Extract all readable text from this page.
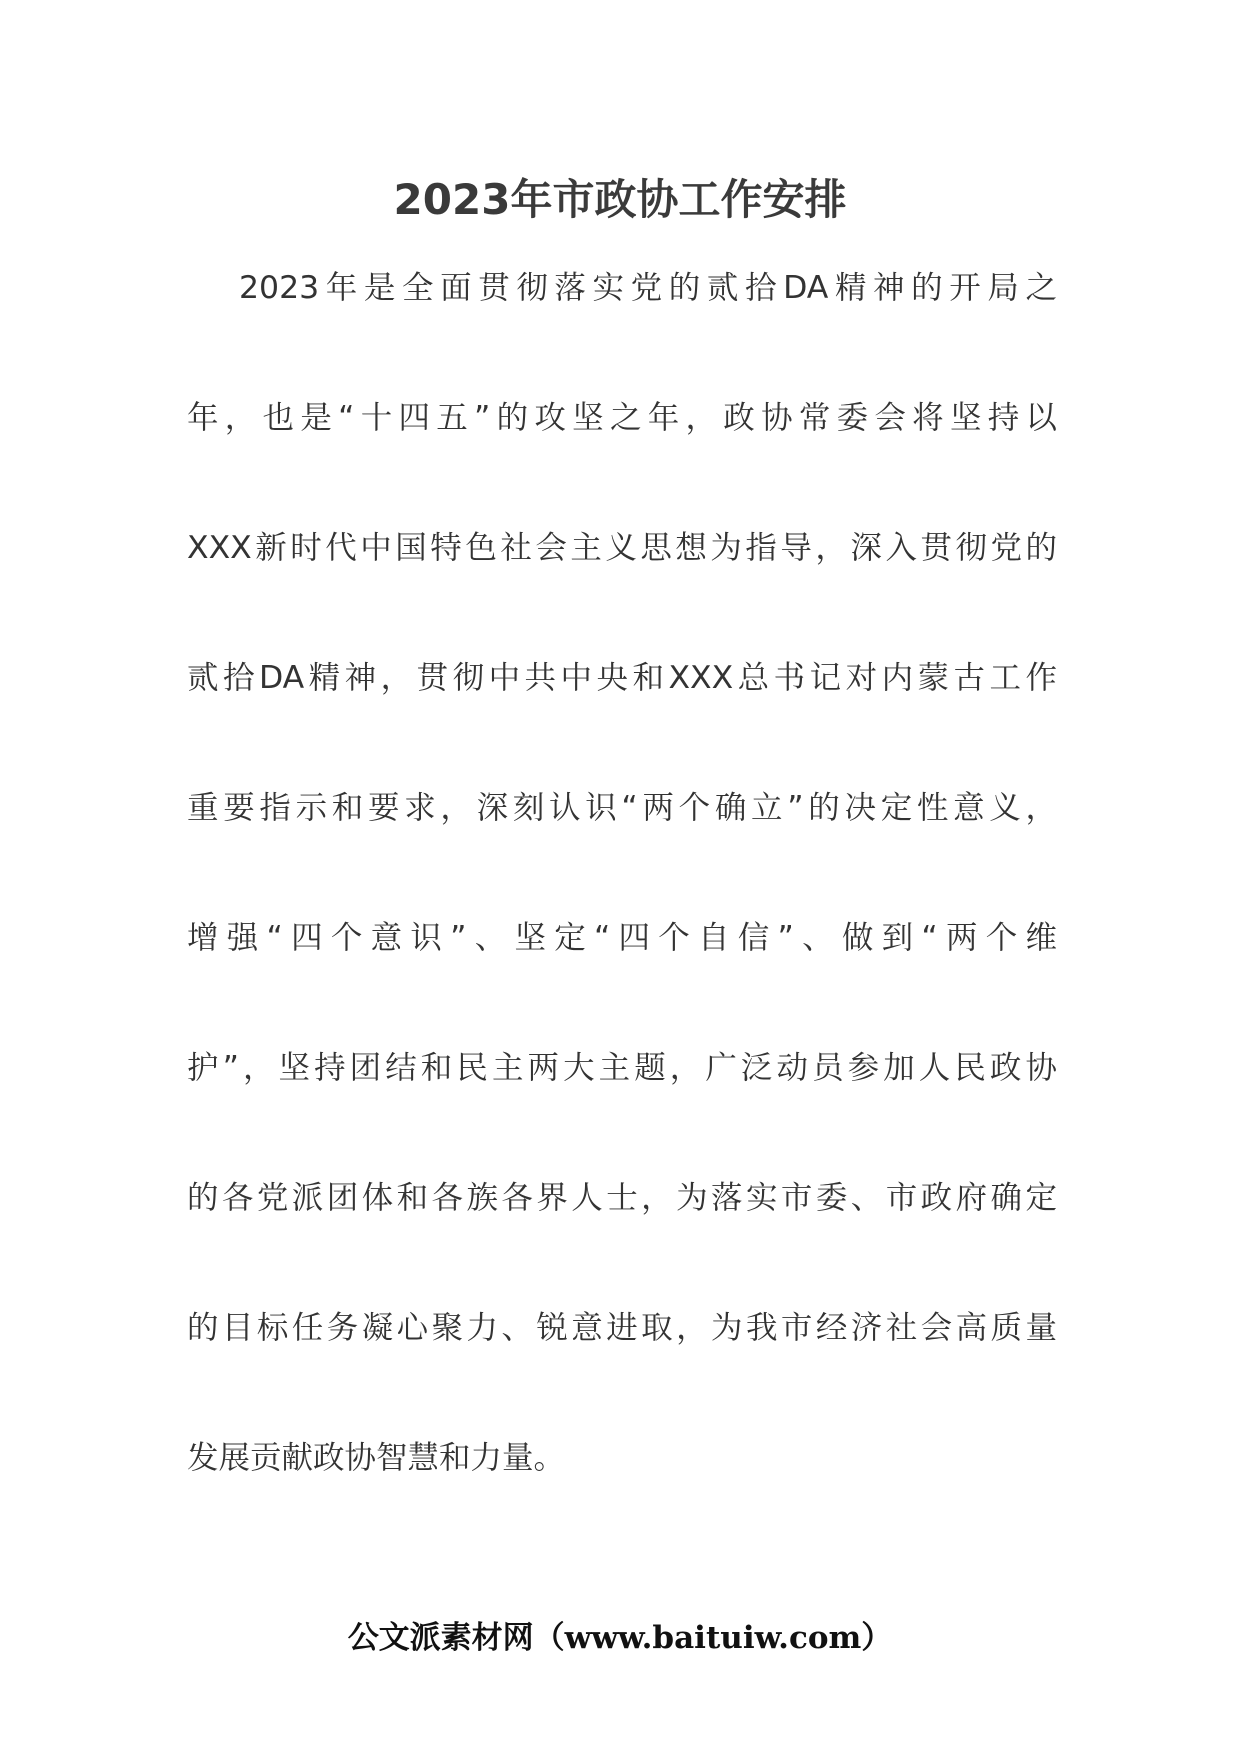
2023年市政协工作安排
2023年是全面贯彻落实党的贰拾DA精神的开局之
年，也是“十四五”的攻坚之年，政协常委会将坚持以
XXX新时代中国特色社会主义思想为指导，深入贯彻党的
贰拾DA精神，贯彻中共中央和XXX总书记对内蒙古工作
重要指示和要求，深刻认识“两个确立”的决定性意义，
增强“四个意识”、坚定“四个自信”、做到“两个维
护”，坚持团结和民主两大主题，广泛动员参加人民政协
的各党派团体和各族各界人士，为落实市委、市政府确定
的目标任务凝心聚力、锐意进取，为我市经济社会高质量
发展贡献政协智慧和力量。
公文派素材网（www.baituiw.com）
